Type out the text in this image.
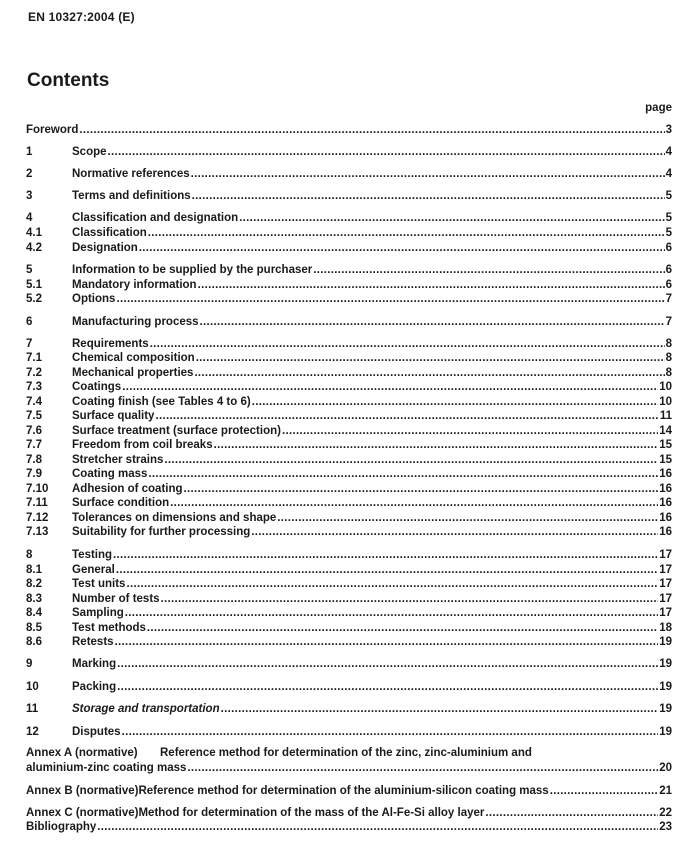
EN 10327:2004 (E)
Contents
page
Foreword .....	3
1	Scope .....	4
2	Normative references .....	4
3	Terms and definitions .....	5
4	Classification and designation .....	5
4.1	Classification .....	5
4.2	Designation .....	6
5	Information to be supplied by the purchaser .....	6
5.1	Mandatory information .....	6
5.2	Options .....	7
6	Manufacturing process .....	7
7	Requirements .....	8
7.1	Chemical composition .....	8
7.2	Mechanical properties .....	8
7.3	Coatings .....	10
7.4	Coating finish (see Tables 4 to 6) .....	10
7.5	Surface quality .....	11
7.6	Surface treatment (surface protection) .....	14
7.7	Freedom from coil breaks .....	15
7.8	Stretcher strains .....	15
7.9	Coating mass .....	16
7.10 Adhesion of coating .....	16
7.11 Surface condition .....	16
7.12 Tolerances on dimensions and shape .....	16
7.13 Suitability for further processing .....	16
8	Testing .....	17
8.1	General .....	17
8.2	Test units .....	17
8.3	Number of tests .....	17
8.4	Sampling .....	17
8.5	Test methods .....	18
8.6	Retests .....	19
9	Marking .....	19
10	Packing .....	19
11	Storage and transportation .....	19
12	Disputes .....	19
Annex A (normative) Reference method for determination of the zinc, zinc-aluminium and
aluminium-zinc coating mass .....	20
Annex B (normative) Reference method for determination of the aluminium-silicon coating mass .....	21
Annex C (normative) Method for determination of the mass of the Al-Fe-Si alloy layer .....	22
Bibliography .....	23
